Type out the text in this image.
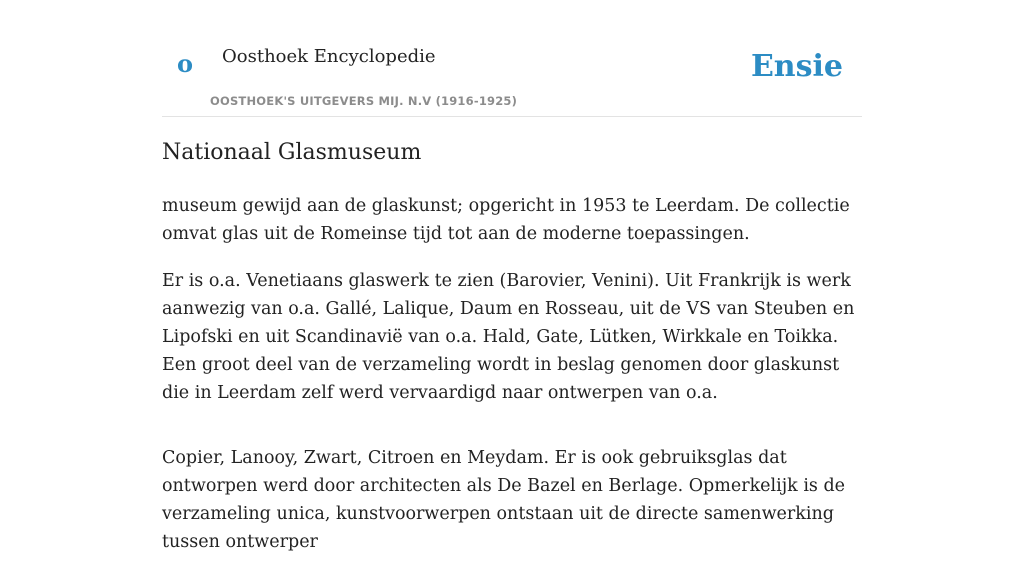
o Oosthoek Encyclopedie
OOSTHOEK'S UITGEVERS MIJ. N.V (1916-1925)
Ensie
Nationaal Glasmuseum

museum gewijd aan de glaskunst; opgericht in 1953 te Leerdam. De collectie omvat glas uit de Romeinse tijd tot aan de moderne toepassingen.

Er is o.a. Venetiaans glaswerk te zien (Barovier, Venini). Uit Frankrijk is werk aanwezig van o.a. Gallé, Lalique, Daum en Rosseau, uit de VS van Steuben en Lipofski en uit Scandinavië van o.a. Hald, Gate, Lütken, Wirkkale en Toikka. Een groot deel van de verzameling wordt in beslag genomen door glaskunst die in Leerdam zelf werd vervaardigd naar ontwerpen van o.a.

Copier, Lanooy, Zwart, Citroen en Meydam. Er is ook gebruiksglas dat ontworpen werd door architecten als De Bazel en Berlage. Opmerkelijk is de verzameling unica, kunstvoorwerpen ontstaan uit de directe samenwerking tussen ontwerper
